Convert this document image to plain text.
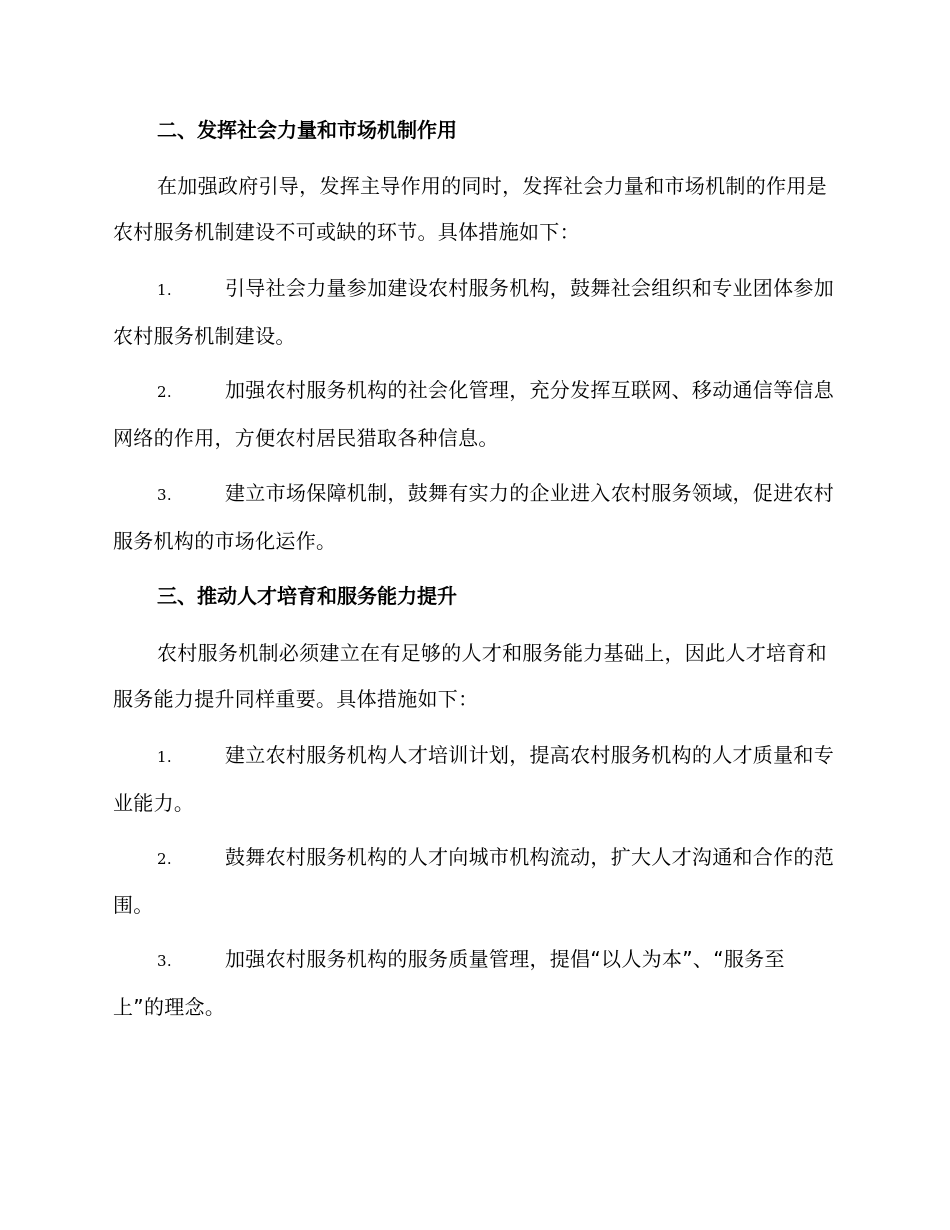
二、发挥社会力量和市场机制作用

在加强政府引导，发挥主导作用的同时，发挥社会力量和市场机制的作用是农村服务机制建设不可或缺的环节。具体措施如下：

1.	引导社会力量参加建设农村服务机构，鼓舞社会组织和专业团体参加农村服务机制建设。

2.	加强农村服务机构的社会化管理，充分发挥互联网、移动通信等信息网络的作用，方便农村居民猎取各种信息。

3.	建立市场保障机制，鼓舞有实力的企业进入农村服务领域，促进农村服务机构的市场化运作。

三、推动人才培育和服务能力提升

农村服务机制必须建立在有足够的人才和服务能力基础上，因此人才培育和服务能力提升同样重要。具体措施如下：

1.	建立农村服务机构人才培训计划，提高农村服务机构的人才质量和专业能力。

2.	鼓舞农村服务机构的人才向城市机构流动，扩大人才沟通和合作的范围。

3.	加强农村服务机构的服务质量管理，提倡“以人为本”、“服务至上”的理念。
